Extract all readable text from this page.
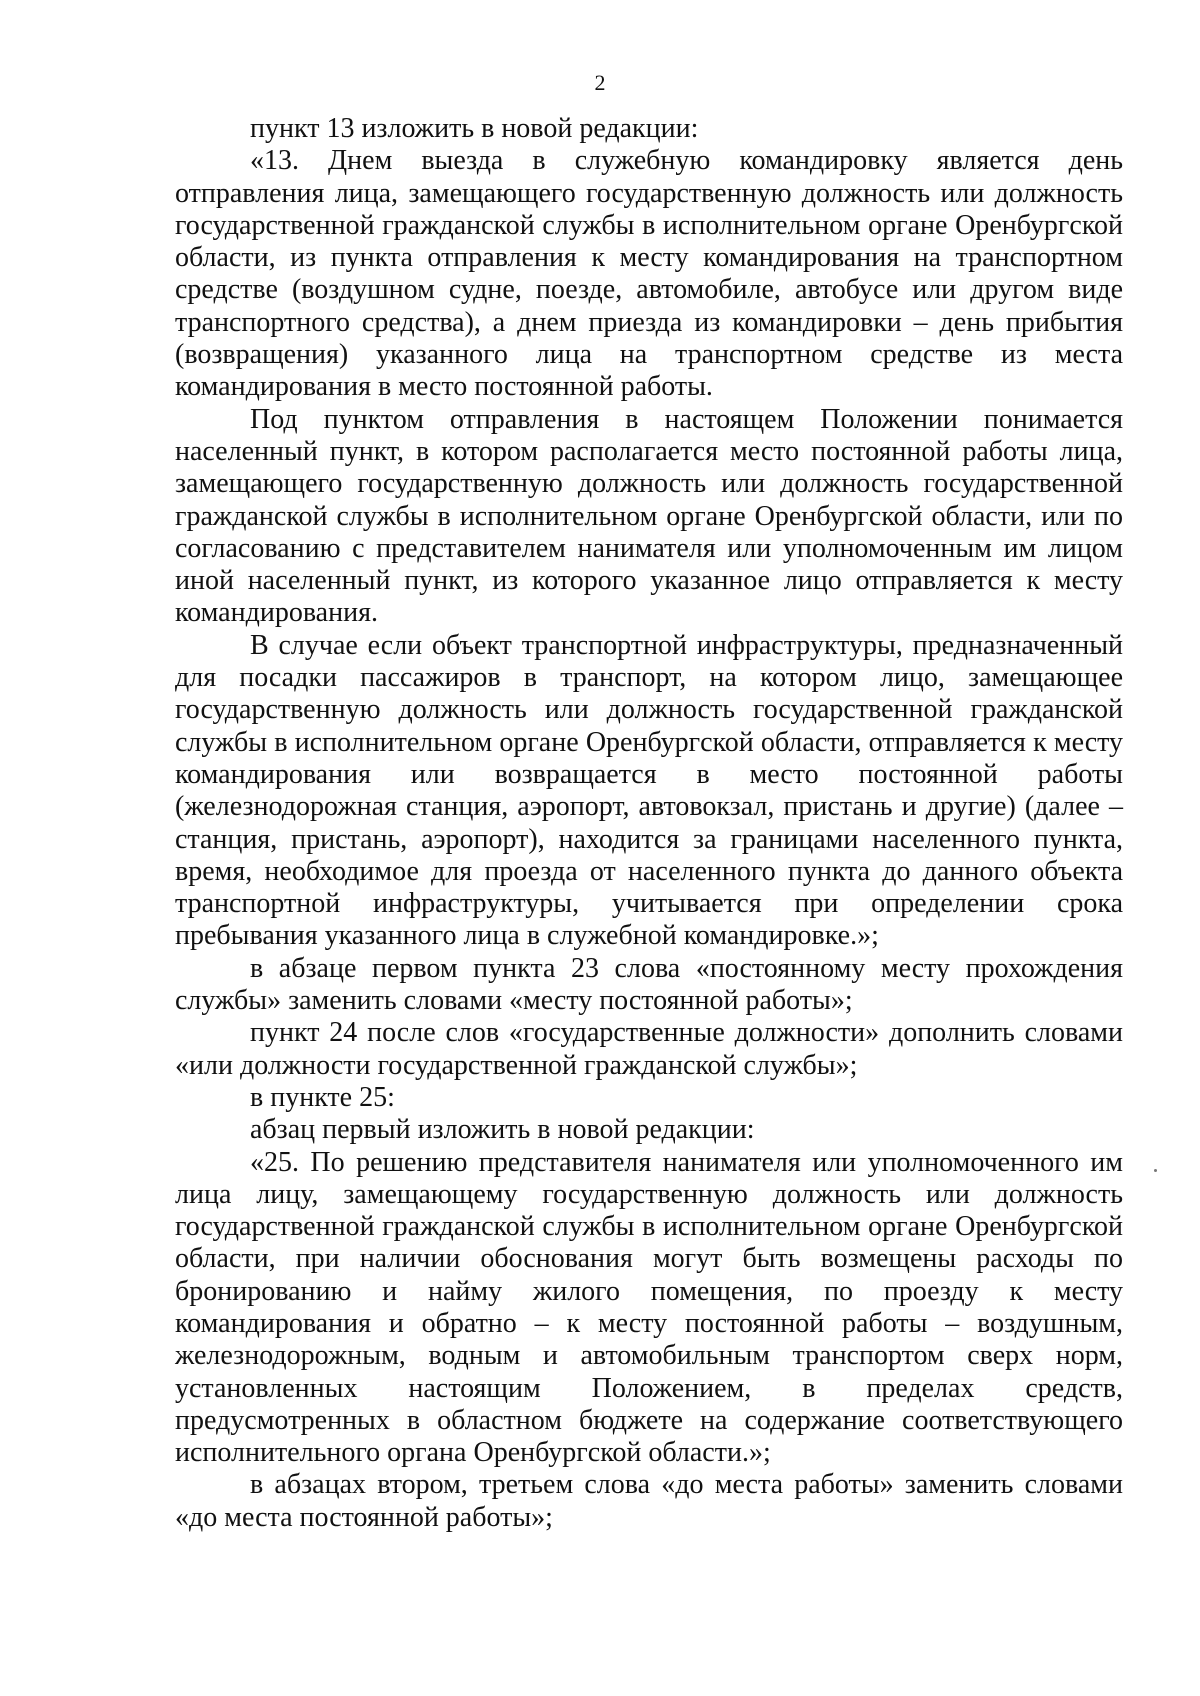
2

пункт 13 изложить в новой редакции:

«13. Днем выезда в служебную командировку является день отправления лица, замещающего государственную должность или должность государственной гражданской службы в исполнительном органе Оренбургской области, из пункта отправления к месту командирования на транспортном средстве (воздушном судне, поезде, автомобиле, автобусе или другом виде транспортного средства), а днем приезда из командировки – день прибытия (возвращения) указанного лица на транспортном средстве из места командирования в место постоянной работы.

Под пунктом отправления в настоящем Положении понимается населенный пункт, в котором располагается место постоянной работы лица, замещающего государственную должность или должность государственной гражданской службы в исполнительном органе Оренбургской области, или по согласованию с представителем нанимателя или уполномоченным им лицом иной населенный пункт, из которого указанное лицо отправляется к месту командирования.

В случае если объект транспортной инфраструктуры, предназначенный для посадки пассажиров в транспорт, на котором лицо, замещающее государственную должность или должность государственной гражданской службы в исполнительном органе Оренбургской области, отправляется к месту командирования или возвращается в место постоянной работы (железнодорожная станция, аэропорт, автовокзал, пристань и другие) (далее – станция, пристань, аэропорт), находится за границами населенного пункта, время, необходимое для проезда от населенного пункта до данного объекта транспортной инфраструктуры, учитывается при определении срока пребывания указанного лица в служебной командировке.»;

в абзаце первом пункта 23 слова «постоянному месту прохождения службы» заменить словами «месту постоянной работы»;

пункт 24 после слов «государственные должности» дополнить словами «или должности государственной гражданской службы»;

в пункте 25:

абзац первый изложить в новой редакции:

«25. По решению представителя нанимателя или уполномоченного им лица лицу, замещающему государственную должность или должность государственной гражданской службы в исполнительном органе Оренбургской области, при наличии обоснования могут быть возмещены расходы по бронированию и найму жилого помещения, по проезду к месту командирования и обратно – к месту постоянной работы – воздушным, железнодорожным, водным и автомобильным транспортом сверх норм, установленных настоящим Положением, в пределах средств, предусмотренных в областном бюджете на содержание соответствующего исполнительного органа Оренбургской области.»;

в абзацах втором, третьем слова «до места работы» заменить словами «до места постоянной работы»;
